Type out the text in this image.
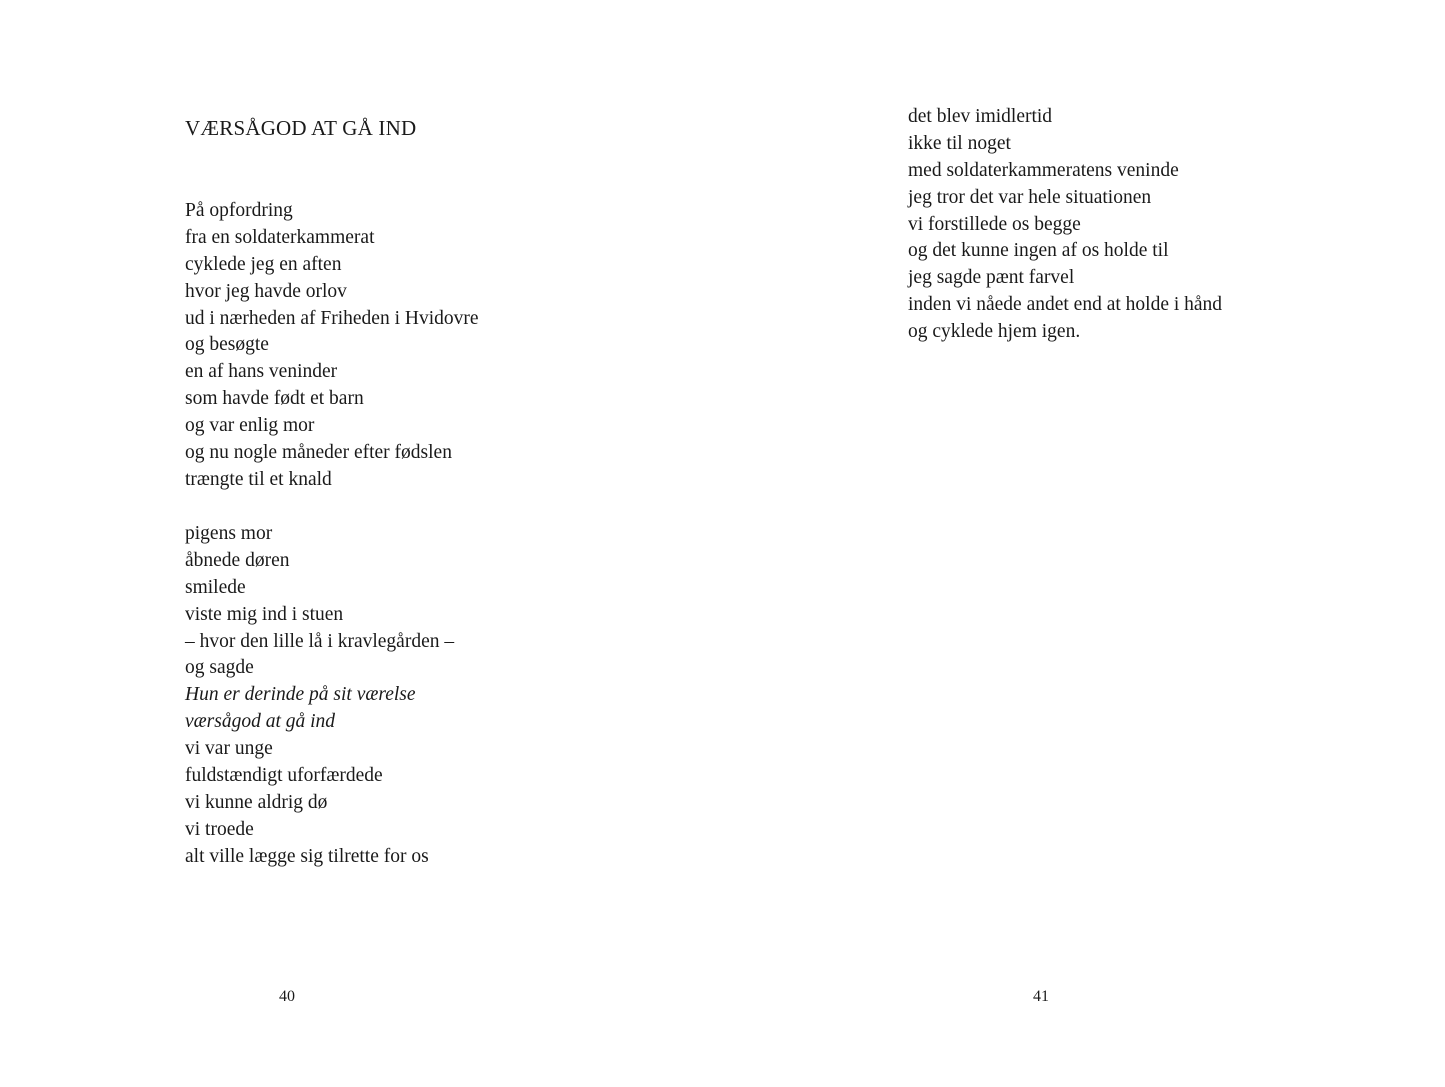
VÆRSÅGOD AT GÅ IND
På opfordring
fra en soldaterkammerat
cyklede jeg en aften
hvor jeg havde orlov
ud i nærheden af Friheden i Hvidovre
og besøgte
en af hans veninder
som havde født et barn
og var enlig mor
og nu nogle måneder efter fødslen
trængte til et knald
pigens mor
åbnede døren
smilede
viste mig ind i stuen
– hvor den lille lå i kravlegården –
og sagde
Hun er derinde på sit værelse
værsågod at gå ind
vi var unge
fuldstændigt uforfærdede
vi kunne aldrig dø
vi troede
alt ville lægge sig tilrette for os
40
det blev imidlertid
ikke til noget
med soldaterkammeratens veninde
jeg tror det var hele situationen
vi forstillede os begge
og det kunne ingen af os holde til
jeg sagde pænt farvel
inden vi nåede andet end at holde i hånd
og cyklede hjem igen.
41
